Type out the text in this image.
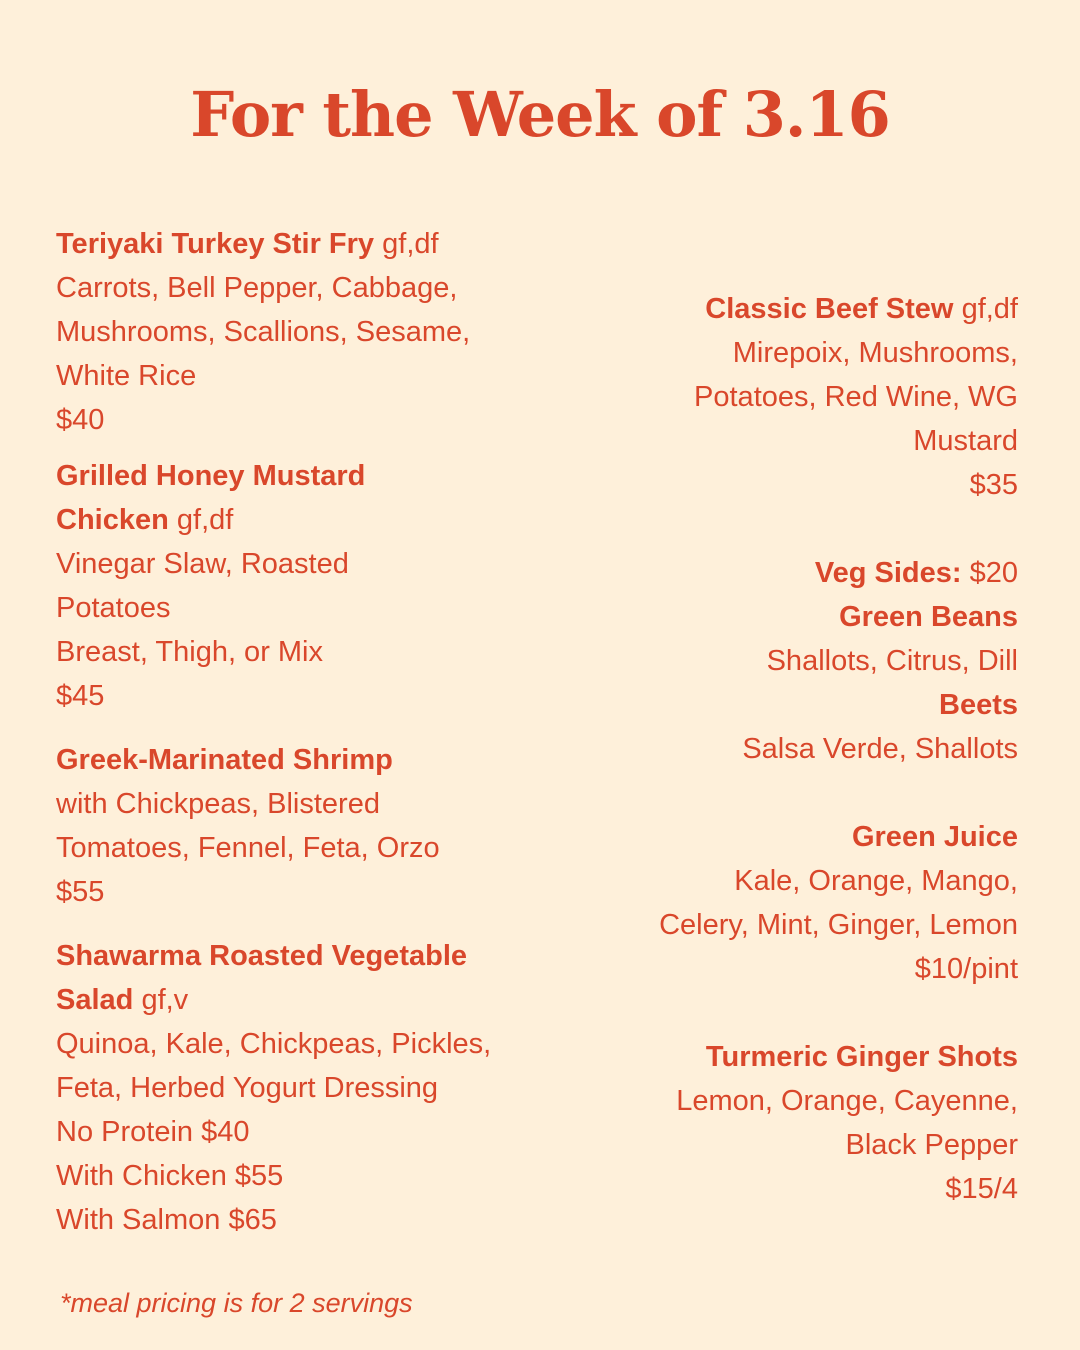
For the Week of 3.16
Teriyaki Turkey Stir Fry gf,df
Carrots, Bell Pepper, Cabbage,
Mushrooms, Scallions, Sesame,
White Rice
$40
Grilled Honey Mustard
Chicken gf,df
Vinegar Slaw, Roasted
Potatoes
Breast, Thigh, or Mix
$45
Greek-Marinated Shrimp
with Chickpeas, Blistered
Tomatoes, Fennel, Feta, Orzo
$55
Shawarma Roasted Vegetable
Salad gf,v
Quinoa, Kale, Chickpeas, Pickles,
Feta, Herbed Yogurt Dressing
No Protein $40
With Chicken $55
With Salmon $65
Classic Beef Stew gf,df
Mirepoix, Mushrooms,
Potatoes, Red Wine, WG
Mustard
$35
Veg Sides: $20
Green Beans
Shallots, Citrus, Dill
Beets
Salsa Verde, Shallots
Green Juice
Kale, Orange, Mango,
Celery, Mint, Ginger, Lemon
$10/pint
Turmeric Ginger Shots
Lemon, Orange, Cayenne,
Black Pepper
$15/4
*meal pricing is for 2 servings
